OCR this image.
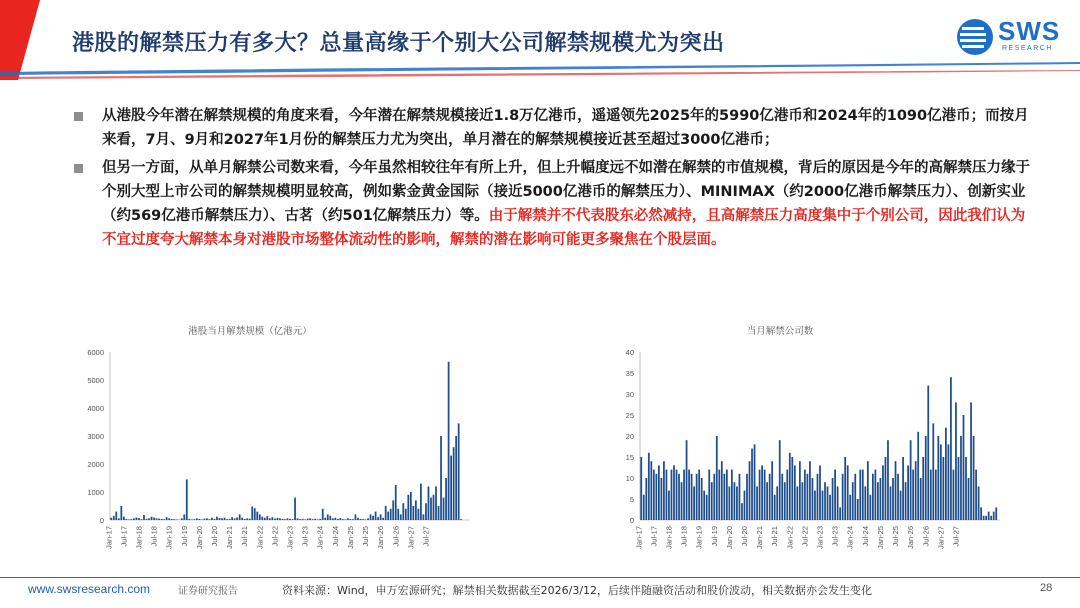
港股的解禁压力有多大？总量高缘于个别大公司解禁规模尤为突出	SWS
RESEARCH
从港股今年潜在解禁规模的角度来看，今年潜在解禁规模接近1.8万亿港币，遥遥领先2025年的5990亿港币和2024年的1090亿港币；而按月来看，7月、9月和2027年1月份的解禁压力尤为突出，单月潜在的解禁规模接近甚至超过3000亿港币；
但另一方面，从单月解禁公司数来看，今年虽然相较往年有所上升，但上升幅度远不如潜在解禁的市值规模，背后的原因是今年的高解禁压力缘于个别大型上市公司的解禁规模明显较高，例如紫金黄金国际（接近5000亿港币的解禁压力）、MINIMAX（约2000亿港币解禁压力）、创新实业（约569亿港币解禁压力）、古茗（约501亿解禁压力）等。由于解禁并不代表股东必然减持，且高解禁压力高度集中于个别公司，因此我们认为不宜过度夸大解禁本身对港股市场整体流动性的影响，解禁的潜在影响可能更多聚焦在个股层面。
港股当月解禁规模（亿港元）
0
1000
2000
3000
4000
5000
6000
Jan-17 Jul-17 Jan-18 Jul-18 Jan-19 Jul-19 Jan-20 Jul-20 Jan-21 Jul-21 Jan-22 Jul-22 Jan-23 Jul-23 Jan-24 Jul-24 Jan-25 Jul-25 Jan-26 Jul-26 Jan-27 Jul-27
当月解禁公司数
0
5
10
15
20
25
30
35
40
Jan-17 Jul-17 Jan-18 Jul-18 Jan-19 Jul-19 Jan-20 Jul-20 Jan-21 Jul-21 Jan-22 Jul-22 Jan-23 Jul-23 Jan-24 Jul-24 Jan-25 Jul-25 Jan-26 Jul-26 Jan-27 Jul-27
www.swsresearch.com	证券研究报告	资料来源：Wind，申万宏源研究；解禁相关数据截至2026/3/12，后续伴随融资活动和股价波动，相关数据亦会发生变化	28
